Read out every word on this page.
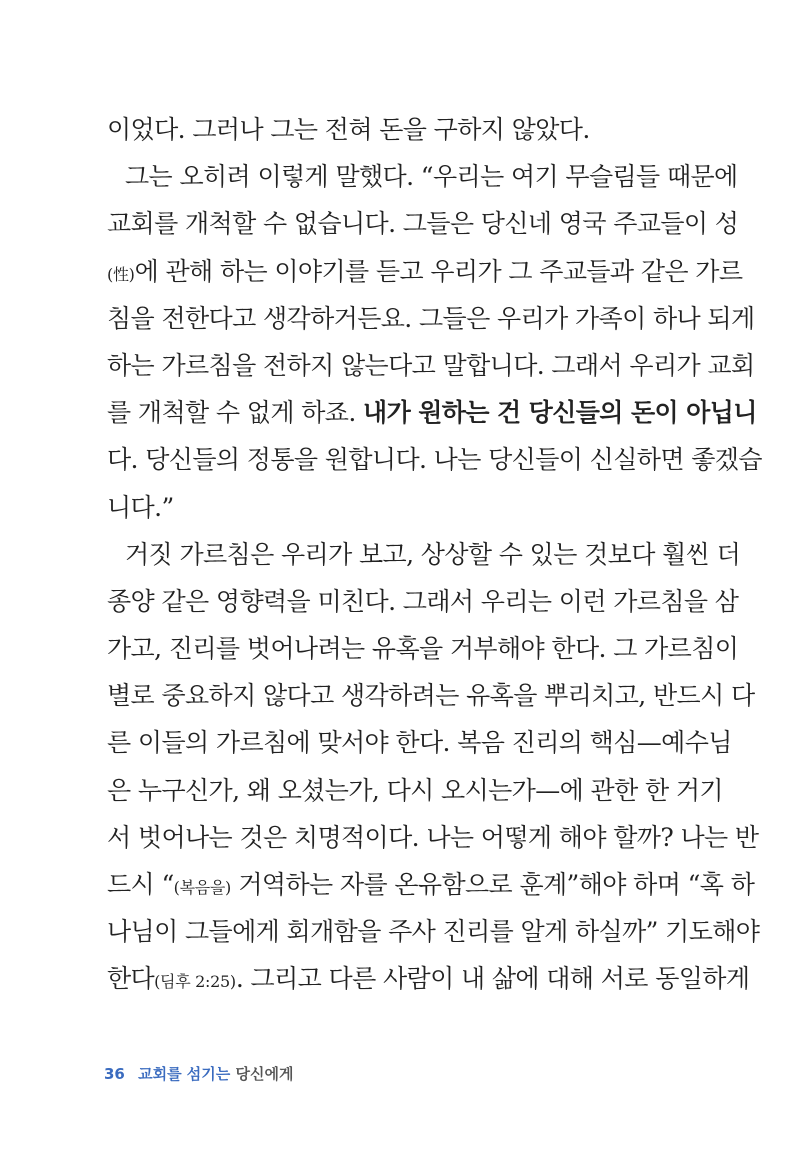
이었다. 그러나 그는 전혀 돈을 구하지 않았다.
그는 오히려 이렇게 말했다. “우리는 여기 무슬림들 때문에
교회를 개척할 수 없습니다. 그들은 당신네 영국 주교들이 성
(性)에 관해 하는 이야기를 듣고 우리가 그 주교들과 같은 가르
침을 전한다고 생각하거든요. 그들은 우리가 가족이 하나 되게
하는 가르침을 전하지 않는다고 말합니다. 그래서 우리가 교회
를 개척할 수 없게 하죠. 내가 원하는 건 당신들의 돈이 아닙니
다. 당신들의 정통을 원합니다. 나는 당신들이 신실하면 좋겠습
니다.”
거짓 가르침은 우리가 보고, 상상할 수 있는 것보다 훨씬 더
종양 같은 영향력을 미친다. 그래서 우리는 이런 가르침을 삼
가고, 진리를 벗어나려는 유혹을 거부해야 한다. 그 가르침이
별로 중요하지 않다고 생각하려는 유혹을 뿌리치고, 반드시 다
른 이들의 가르침에 맞서야 한다. 복음 진리의 핵심—예수님
은 누구신가, 왜 오셨는가, 다시 오시는가—에 관한 한 거기
서 벗어나는 것은 치명적이다. 나는 어떻게 해야 할까? 나는 반
드시 “(복음을) 거역하는 자를 온유함으로 훈계”해야 하며 “혹 하
나님이 그들에게 회개함을 주사 진리를 알게 하실까” 기도해야
한다(딤후 2:25). 그리고 다른 사람이 내 삶에 대해 서로 동일하게
36 교회를 섬기는 당신에게
